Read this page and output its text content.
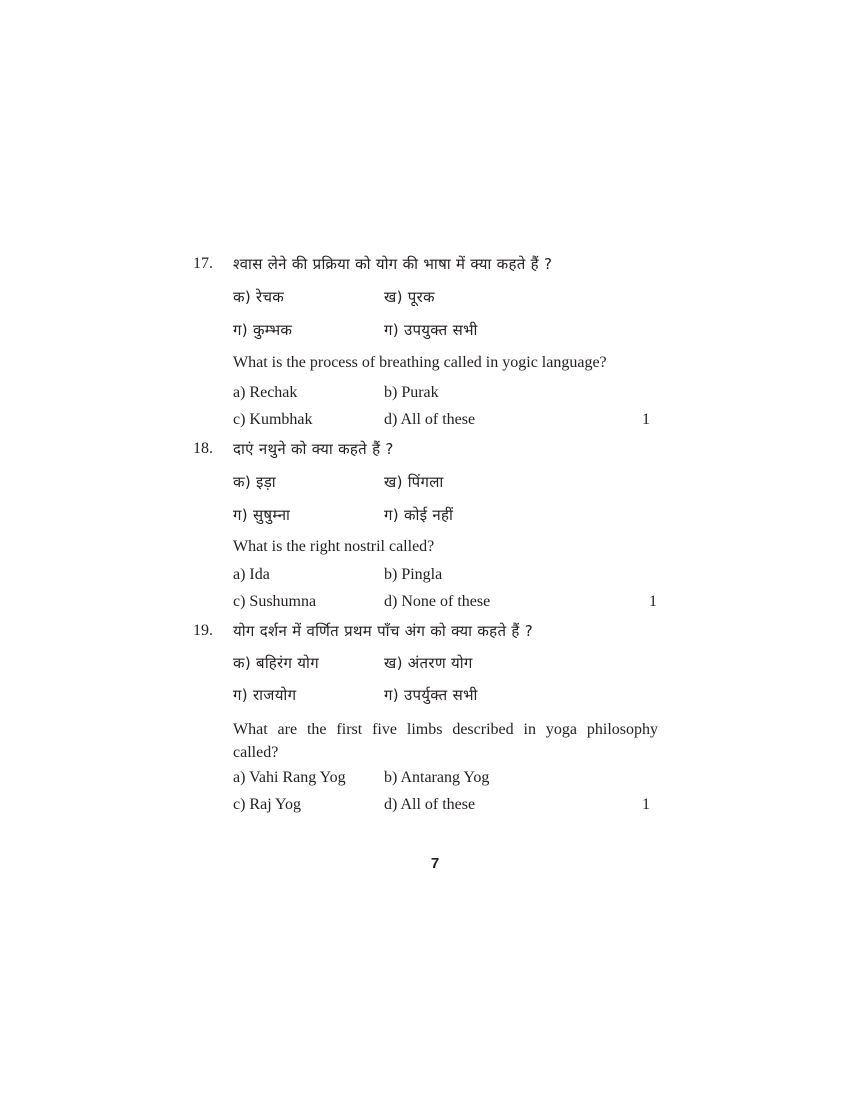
17. श्वास लेने की प्रक्रिया को योग की भाषा में क्या कहते हैं ?
क) रेचक	ख) पूरक
ग) कुम्भक	ग) उपयुक्त सभी
What is the process of breathing called in yogic language?
a) Rechak	b) Purak
c) Kumbhak	d) All of these	1
18. दाएं नथुने को क्या कहते हैं ?
क) इड़ा	ख) पिंगला
ग) सुषुम्ना	ग) कोई नहीं
What is the right nostril called?
a) Ida	b) Pingla
c) Sushumna	d) None of these	1
19. योग दर्शन में वर्णित प्रथम पाँच अंग को क्या कहते हैं ?
क) बहिरंग योग	ख) अंतरण योग
ग) राजयोग	ग) उपर्युक्त सभी
What are the first five limbs described in yoga philosophy called?
a) Vahi Rang Yog b) Antarang Yog
c) Raj Yog	d) All of these	1
7
